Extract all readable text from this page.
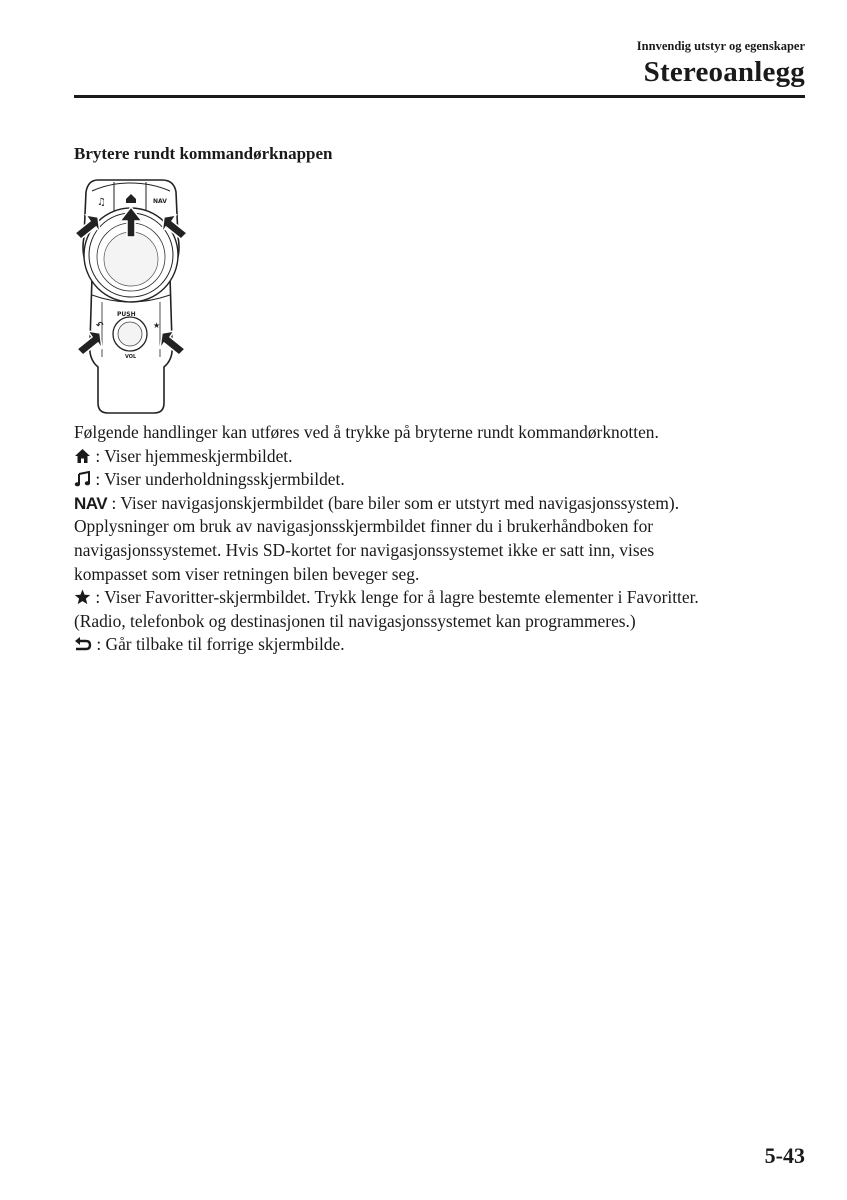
Innvendig utstyr og egenskaper
Stereoanlegg
Brytere rundt kommandørknappen
PUSH
VOL
NAV
♫
★
↶

Følgende handlinger kan utføres ved å trykke på bryterne rundt kommandørknotten.

: Viser hjemmeskjermbildet.

: Viser underholdningsskjermbildet.

NAV : Viser navigasjonskjermbildet (bare biler som er utstyrt med navigasjonssystem).

Opplysninger om bruk av navigasjonsskjermbildet finner du i brukerhåndboken for

navigasjonssystemet. Hvis SD-kortet for navigasjonssystemet ikke er satt inn, vises

kompasset som viser retningen bilen beveger seg.

: Viser Favoritter-skjermbildet. Trykk lenge for å lagre bestemte elementer i Favoritter.

(Radio, telefonbok og destinasjonen til navigasjonssystemet kan programmeres.)

: Går tilbake til forrige skjermbilde.

5-43
